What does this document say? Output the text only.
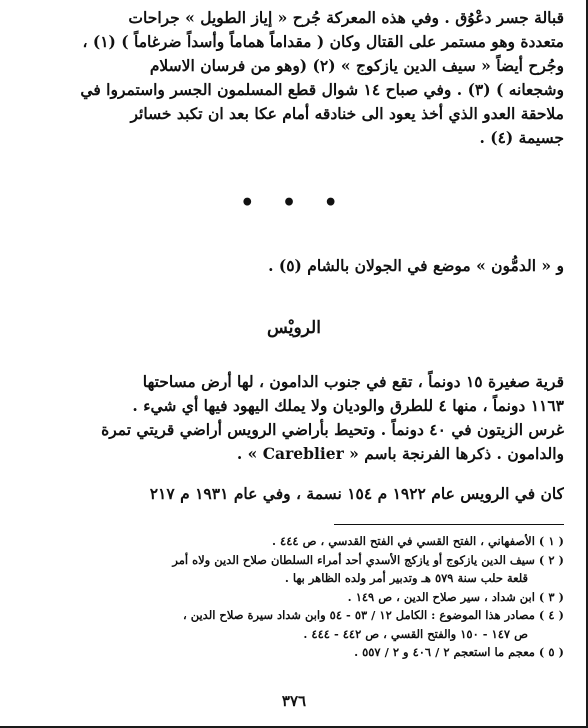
قبالة جسر دعْوُق . وفي هذه المعركة جُرح « إياز الطويل » جراحات
متعددة وهو مستمر على القتال وكان ( مقداماً هماماً وأسداً ضرغاماً ) (١) ،
وجُرح أيضاً « سيف الدين يازكوج » (٢) (وهو من فرسان الاسلام
وشجعانه ) (٣) . وفي صباح ١٤ شوال قطع المسلمون الجسر واستمروا في
ملاحقة العدو الذي أخذ يعود الى خنادقه أمام عكا بعد ان تكبد خسائر
جسيمة (٤) .
• • •
و « الدمُّون » موضع في الجولان بالشام (٥) .
الرويْس
قرية صغيرة ١٥ دونماً ، تقع في جنوب الدامون ، لها أرض مساحتها
١١٦٣ دونماً ، منها ٤ للطرق والوديان ولا يملك اليهود فيها أي شيء .
غرس الزيتون في ٤٠ دونماً . وتحيط بأراضي الرويس أراضي قريتي تمرة
والدامون . ذكرها الفرنجة باسم « Careblier » .
كان في الرويس عام ١٩٢٢ م ١٥٤ نسمة ، وفي عام ١٩٣١ م ٢١٧
( ١ ) الأصفهاني ، الفتح القسي في الفتح القدسي ، ص ٤٤٤ .
( ٢ ) سيف الدين يازكوج أو يازكج الأسدي أحد أمراء السلطان صلاح الدين ولاه أمر
قلعة حلب سنة ٥٧٩ هـ وتدبير أمر ولده الظاهر بها .
( ٣ ) ابن شداد ، سير صلاح الدين ، ص ١٤٩ .
( ٤ ) مصادر هذا الموضوع : الكامل ١٢ / ٥٣ - ٥٤ وابن شداد سيرة صلاح الدين ،
ص ١٤٧ - ١٥٠ والفتح القسي ، ص ٤٤٢ - ٤٤٤ .
( ٥ ) معجم ما استعجم ٢ / ٤٠٦ و ٢ / ٥٥٧ .
٣٧٦
